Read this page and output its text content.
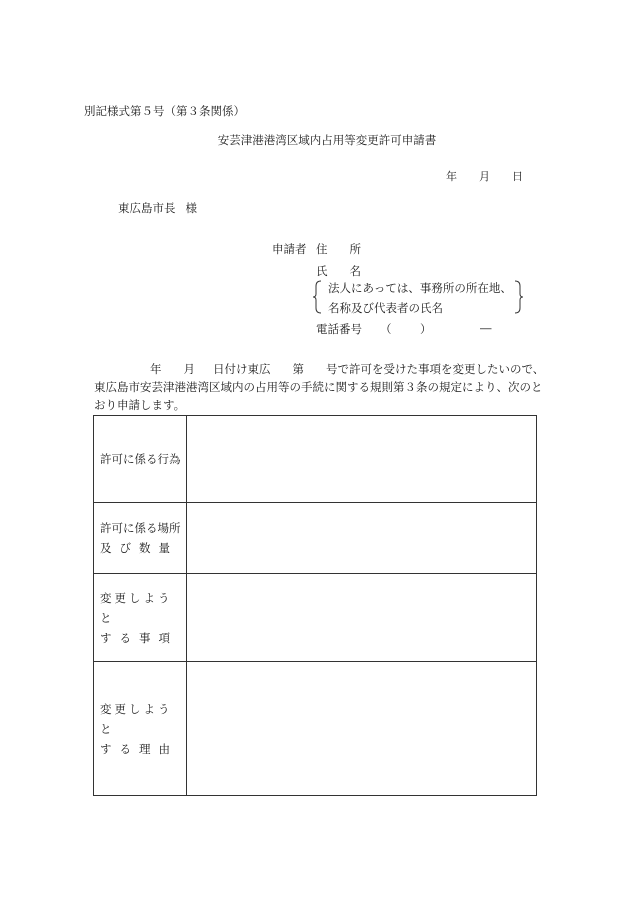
別記様式第５号（第３条関係）
安芸津港港湾区域内占用等変更許可申請書
年 月 日
東広島市長 様
申請者 住 所
氏 名
法人にあっては、事務所の所在地、
名称及び代表者の氏名
電話番号 （ ）	―
年 月 日付け東広 第 号で許可を受けた事項を変更したいので、
東広島市安芸津港港湾区域内の占用等の手続に関する規則第３条の規定により、次のと
おり申請します。
許可に係る行為	

許可に係る場所
及び数量	

変更しようと
する事項	

変更しようと
する理由	
